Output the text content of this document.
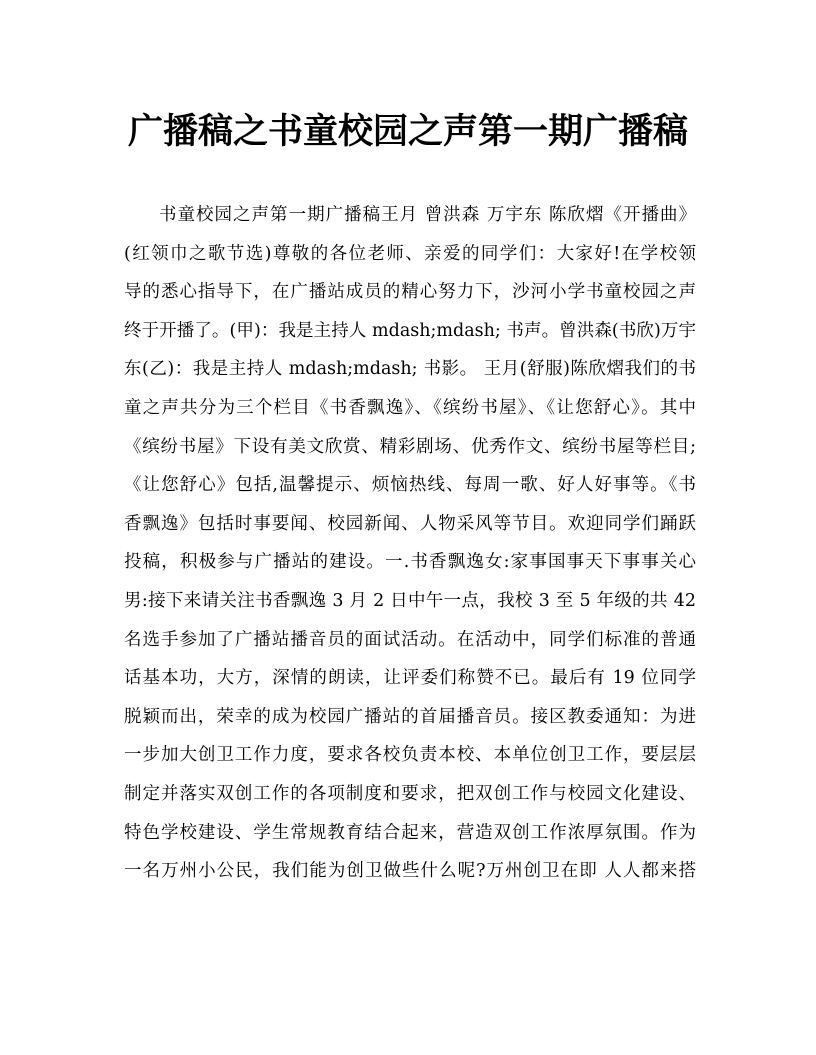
广播稿之书童校园之声第一期广播稿
书童校园之声第一期广播稿王月 曾洪森 万宇东 陈欣熠《开播曲》
(红领巾之歌节选)尊敬的各位老师、亲爱的同学们：大家好!在学校领
导的悉心指导下，在广播站成员的精心努力下，沙河小学书童校园之声
终于开播了。(甲)：我是主持人 mdash;mdash; 书声。曾洪森(书欣)万宇
东(乙)：我是主持人 mdash;mdash; 书影。 王月(舒服)陈欣熠我们的书
童之声共分为三个栏目《书香飘逸》、《缤纷书屋》、《让您舒心》。其中
《缤纷书屋》下设有美文欣赏、精彩剧场、优秀作文、缤纷书屋等栏目;
《让您舒心》包括,温馨提示、烦恼热线、每周一歌、好人好事等。《书
香飘逸》包括时事要闻、校园新闻、人物采风等节目。欢迎同学们踊跃
投稿，积极参与广播站的建设。一.书香飘逸女:家事国事天下事事关心
男:接下来请关注书香飘逸 3 月 2 日中午一点，我校 3 至 5 年级的共 42
名选手参加了广播站播音员的面试活动。在活动中，同学们标准的普通
话基本功，大方，深情的朗读，让评委们称赞不已。最后有 19 位同学
脱颖而出，荣幸的成为校园广播站的首届播音员。接区教委通知：为进
一步加大创卫工作力度，要求各校负责本校、本单位创卫工作，要层层
制定并落实双创工作的各项制度和要求，把双创工作与校园文化建设、
特色学校建设、学生常规教育结合起来，营造双创工作浓厚氛围。作为
一名万州小公民，我们能为创卫做些什么呢?万州创卫在即 人人都来搭
